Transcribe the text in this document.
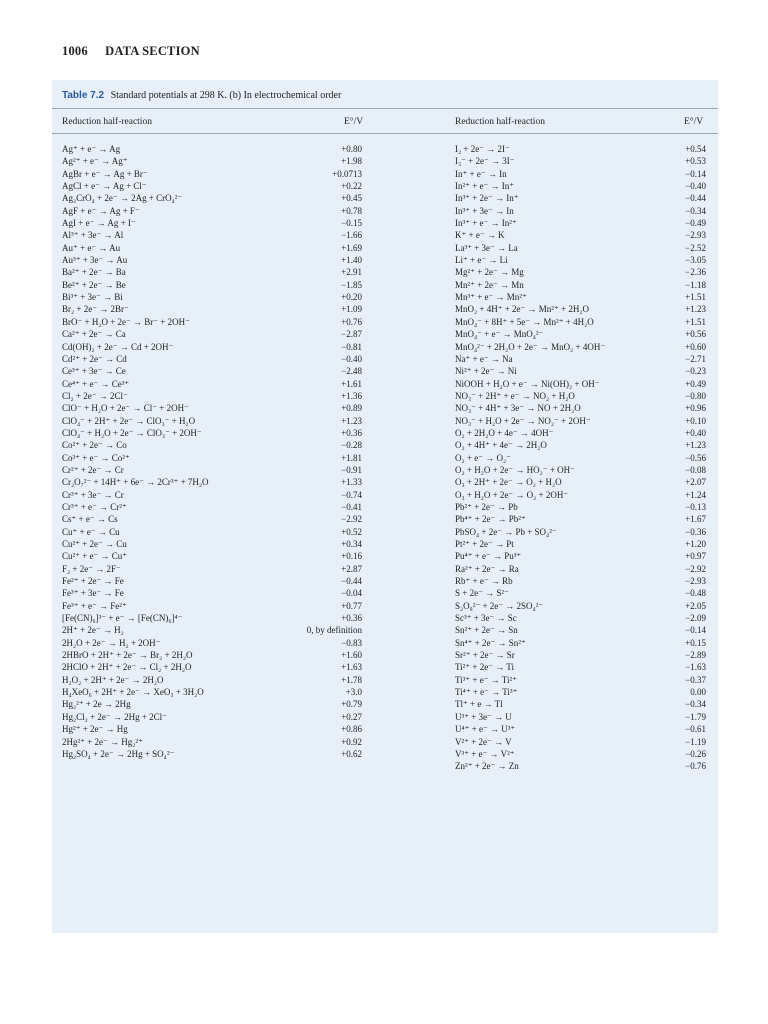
1006 DATA SECTION
Table 7.2 Standard potentials at 298 K. (b) In electrochemical order
Reduction half-reaction	E°/V	Reduction half-reaction	E°/V
Ag⁺ + e⁻ → Ag	+0.80
Ag²⁺ + e⁻ → Ag⁺	+1.98
AgBr + e⁻ → Ag + Br⁻	+0.0713
AgCl + e⁻ → Ag + Cl⁻	+0.22
Ag₂CrO₄ + 2e⁻ → 2Ag + CrO₄²⁻	+0.45
AgF + e⁻ → Ag + F⁻	+0.78
AgI + e⁻ → Ag + I⁻	−0.15
Al³⁺ + 3e⁻ → Al	−1.66
Au⁺ + e⁻ → Au	+1.69
Au³⁺ + 3e⁻ → Au	+1.40
Ba²⁺ + 2e⁻ → Ba	+2.91
Be²⁺ + 2e⁻ → Be	−1.85
Bi³⁺ + 3e⁻ → Bi	+0.20
Br₂ + 2e⁻ → 2Br⁻	+1.09
BrO⁻ + H₂O + 2e⁻ → Br⁻ + 2OH⁻	+0.76
Ca²⁺ + 2e⁻ → Ca	−2.87
Cd(OH)₂ + 2e⁻ → Cd + 2OH⁻	−0.81
Cd²⁺ + 2e⁻ → Cd	−0.40
Ce³⁺ + 3e⁻ → Ce	−2.48
Ce⁴⁺ + e⁻ → Ce³⁺	+1.61
Cl₂ + 2e⁻ → 2Cl⁻	+1.36
ClO⁻ + H₂O + 2e⁻ → Cl⁻ + 2OH⁻	+0.89
ClO₄⁻ + 2H⁺ + 2e⁻ → ClO₃⁻ + H₂O	+1.23
ClO₄⁻ + H₂O + 2e⁻ → ClO₃⁻ + 2OH⁻	+0.36
Co²⁺ + 2e⁻ → Co	−0.28
Co³⁺ + e⁻ → Co²⁺	+1.81
Cr²⁺ + 2e⁻ → Cr	−0.91
Cr₂O₇²⁻ + 14H⁺ + 6e⁻ → 2Cr³⁺ + 7H₂O	+1.33
Cr³⁺ + 3e⁻ → Cr	−0.74
Cr³⁺ + e⁻ → Cr²⁺	−0.41
Cs⁺ + e⁻ → Cs	−2.92
Cu⁺ + e⁻ → Cu	+0.52
Cu²⁺ + 2e⁻ → Cu	+0.34
Cu²⁺ + e⁻ → Cu⁺	+0.16
F₂ + 2e⁻ → 2F⁻	+2.87
Fe²⁺ + 2e⁻ → Fe	−0.44
Fe³⁺ + 3e⁻ → Fe	−0.04
Fe³⁺ + e⁻ → Fe²⁺	+0.77
[Fe(CN)₆]³⁻ + e⁻ → [Fe(CN)₆]⁴⁻	+0.36
2H⁺ + 2e⁻ → H₂	0, by definition
2H₂O + 2e⁻ → H₂ + 2OH⁻	−0.83
2HBrO + 2H⁺ + 2e⁻ → Br₂ + 2H₂O	+1.60
2HClO + 2H⁺ + 2e⁻ → Cl₂ + 2H₂O	+1.63
H₂O₂ + 2H⁺ + 2e⁻ → 2H₂O	+1.78
H₄XeO₆ + 2H⁺ + 2e⁻ → XeO₃ + 3H₂O	+3.0
Hg₂²⁺ + 2e → 2Hg	+0.79
Hg₂Cl₂ + 2e⁻ → 2Hg + 2Cl⁻	+0.27
Hg²⁺ + 2e⁻ → Hg	+0.86
2Hg²⁺ + 2e⁻ → Hg₂²⁺	+0.92
Hg₂SO₄ + 2e⁻ → 2Hg + SO₄²⁻	+0.62
I₂ + 2e⁻ → 2I⁻	+0.54
I₃⁻ + 2e⁻ → 3I⁻	+0.53
In⁺ + e⁻ → In	−0.14
In²⁺ + e⁻ → In⁺	−0.40
In³⁺ + 2e⁻ → In⁺	−0.44
In³⁺ + 3e⁻ → In	−0.34
In³⁺ + e⁻ → In²⁺	−0.49
K⁺ + e⁻ → K	−2.93
La³⁺ + 3e⁻ → La	−2.52
Li⁺ + e⁻ → Li	−3.05
Mg²⁺ + 2e⁻ → Mg	−2.36
Mn²⁺ + 2e⁻ → Mn	−1.18
Mn³⁺ + e⁻ → Mn²⁺	+1.51
MnO₂ + 4H⁺ + 2e⁻ → Mn²⁺ + 2H₂O	+1.23
MnO₄⁻ + 8H⁺ + 5e⁻ → Mn²⁺ + 4H₂O	+1.51
MnO₄⁻ + e⁻ → MnO₄²⁻	+0.56
MnO₄²⁻ + 2H₂O + 2e⁻ → MnO₂ + 4OH⁻	+0.60
Na⁺ + e⁻ → Na	−2.71
Ni²⁺ + 2e⁻ → Ni	−0.23
NiOOH + H₂O + e⁻ → Ni(OH)₂ + OH⁻	+0.49
NO₃⁻ + 2H⁺ + e⁻ → NO₂ + H₂O	−0.80
NO₃⁻ + 4H⁺ + 3e⁻ → NO + 2H₂O	+0.96
NO₃⁻ + H₂O + 2e⁻ → NO₂⁻ + 2OH⁻	+0.10
O₂ + 2H₂O + 4e⁻ → 4OH⁻	+0.40
O₂ + 4H⁺ + 4e⁻ → 2H₂O	+1.23
O₂ + e⁻ → O₂⁻	−0.56
O₂ + H₂O + 2e⁻ → HO₂⁻ + OH⁻	−0.08
O₃ + 2H⁺ + 2e⁻ → O₂ + H₂O	+2.07
O₃ + H₂O + 2e⁻ → O₂ + 2OH⁻	+1.24
Pb²⁺ + 2e⁻ → Pb	−0.13
Pb⁴⁺ + 2e⁻ → Pb²⁺	+1.67
PbSO₄ + 2e⁻ → Pb + SO₄²⁻	−0.36
Pt²⁺ + 2e⁻ → Pt	+1.20
Pu⁴⁺ + e⁻ → Pu³⁺	+0.97
Ra²⁺ + 2e⁻ → Ra	−2.92
Rb⁺ + e⁻ → Rb	−2.93
S + 2e⁻ → S²⁻	−0.48
S₂O₈²⁻ + 2e⁻ → 2SO₄²⁻	+2.05
Sc³⁺ + 3e⁻ → Sc	−2.09
Sn²⁺ + 2e⁻ → Sn	−0.14
Sn⁴⁺ + 2e⁻ → Sn²⁺	+0.15
Sr²⁺ + 2e⁻ → Sr	−2.89
Ti²⁺ + 2e⁻ → Ti	−1.63
Ti³⁺ + e⁻ → Ti²⁺	−0.37
Ti⁴⁺ + e⁻ → Ti³⁺	0.00
Tl⁺ + e → Tl	−0.34
U³⁺ + 3e⁻ → U	−1.79
U⁴⁺ + e⁻ → U³⁺	−0.61
V²⁺ + 2e⁻ → V	−1.19
V³⁺ + e⁻ → V²⁺	−0.26
Zn²⁺ + 2e⁻ → Zn	−0.76
